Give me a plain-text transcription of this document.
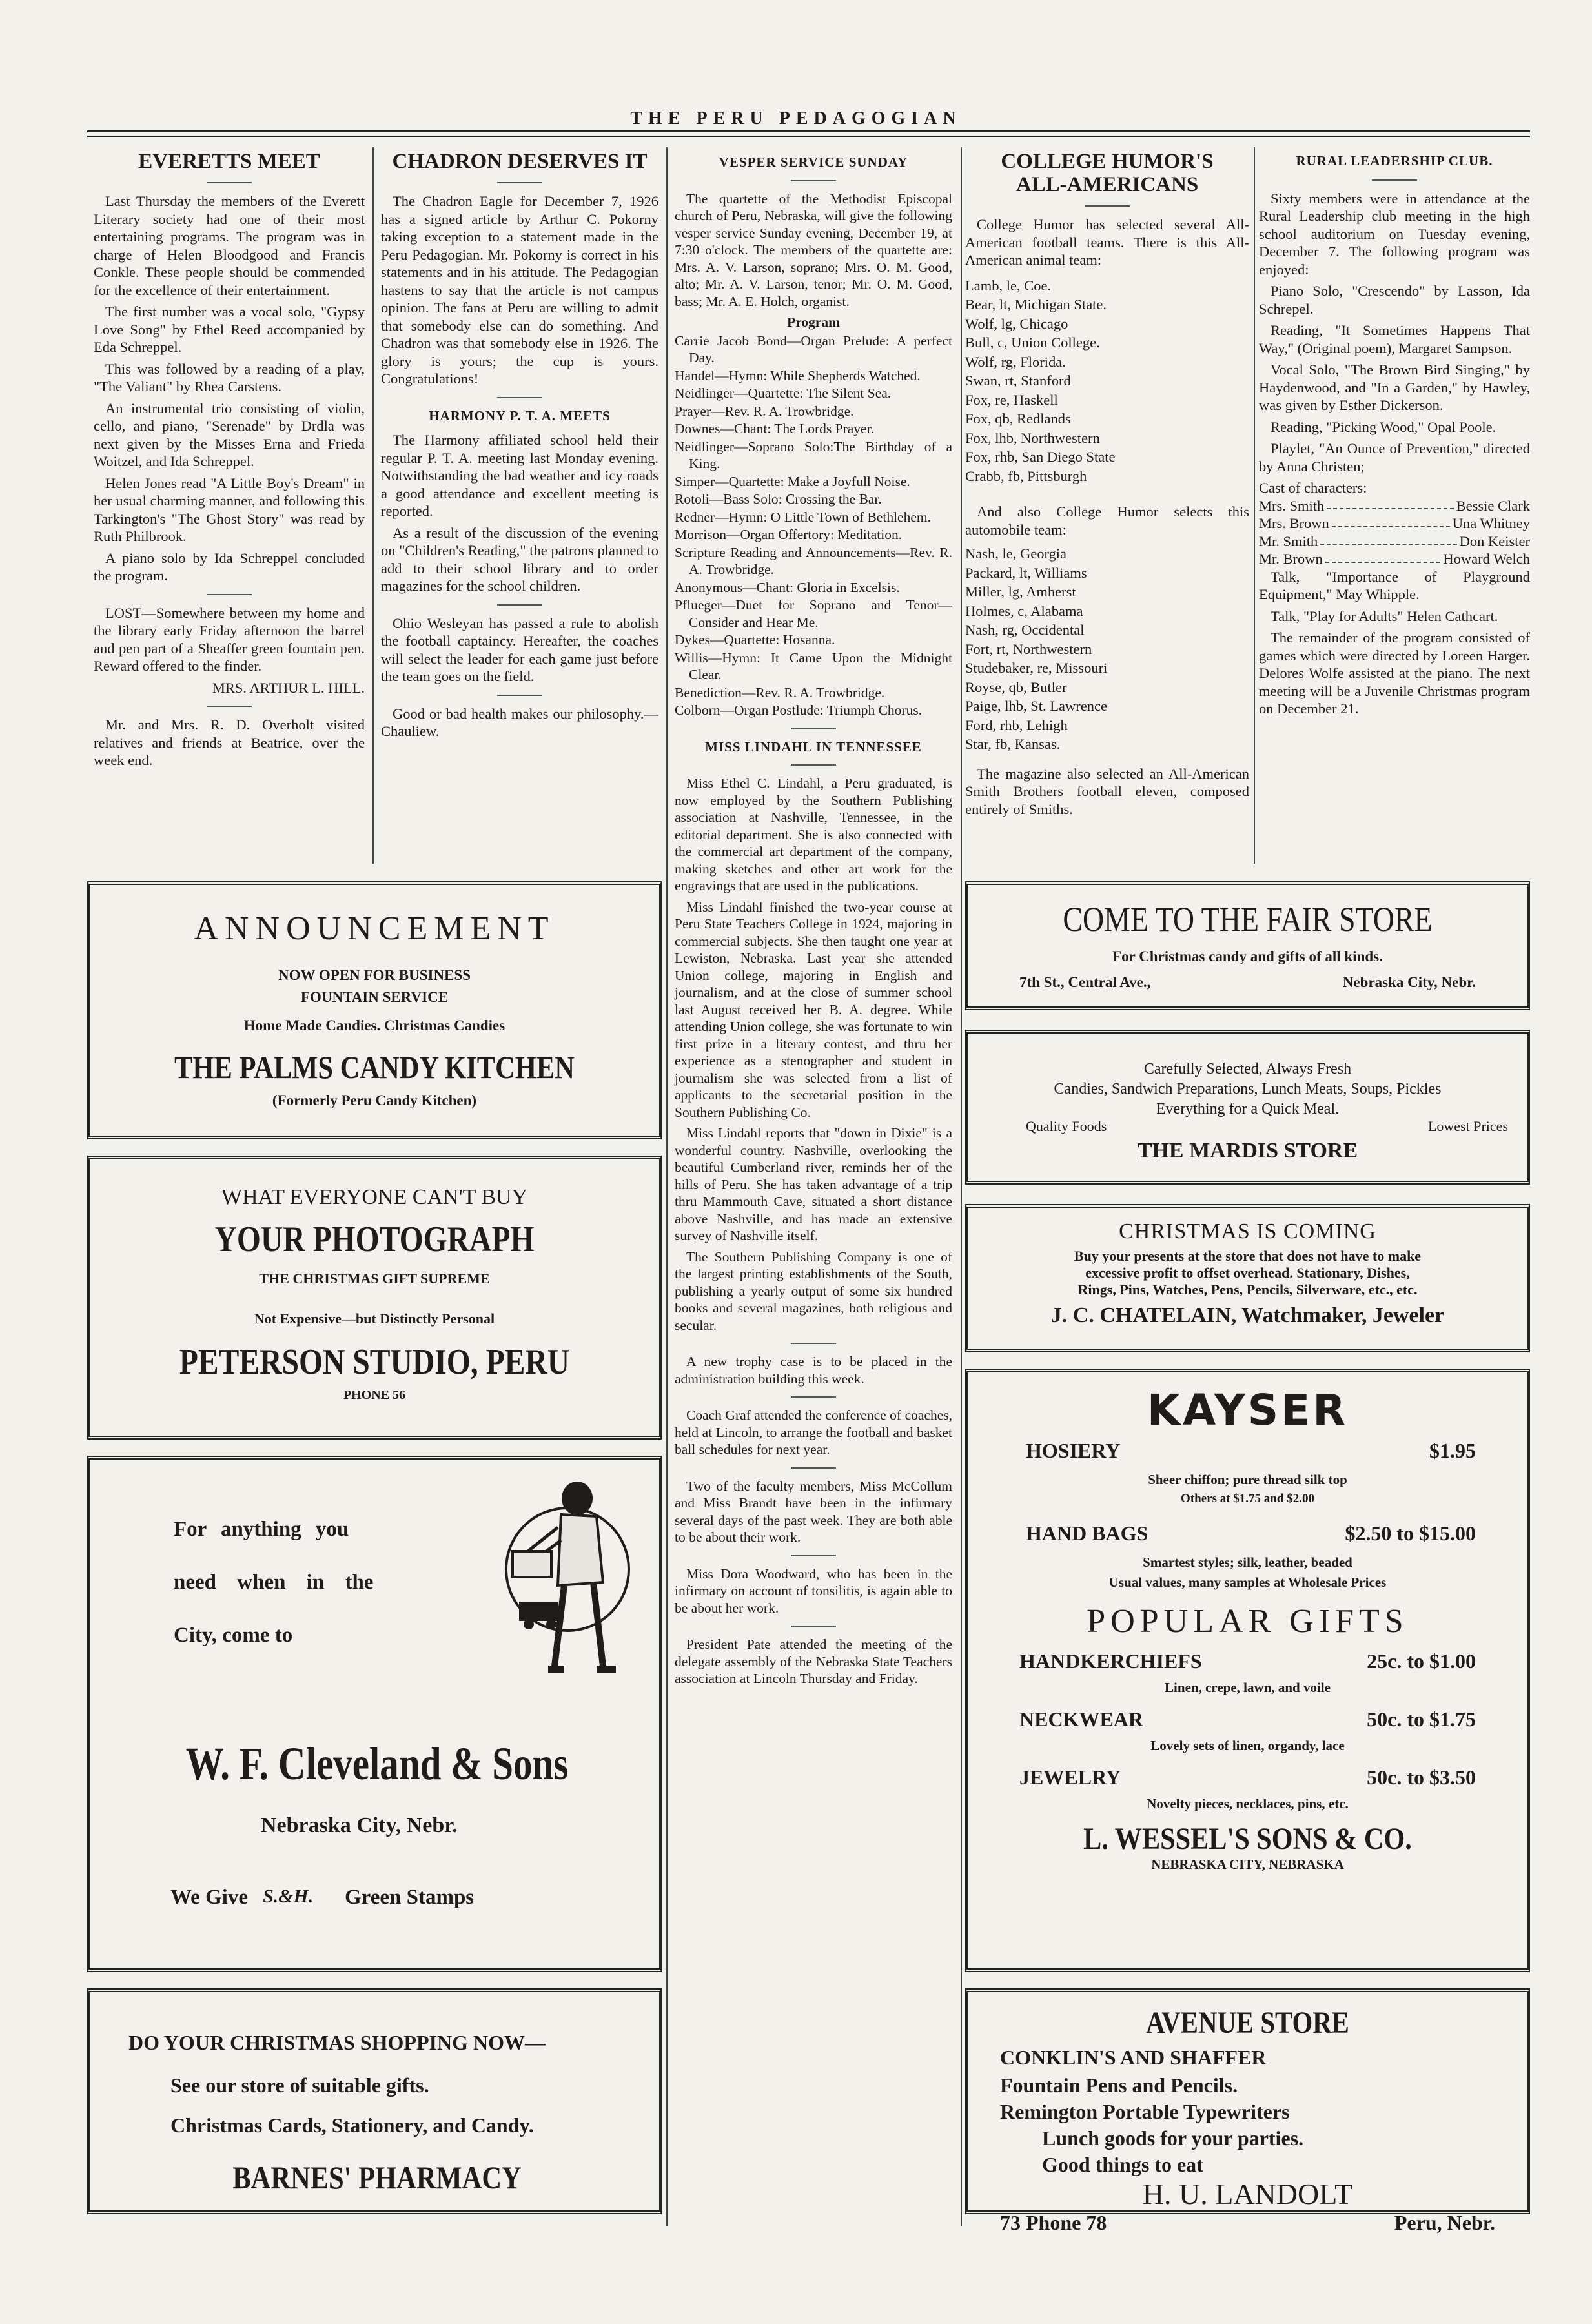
THE PERU PEDAGOGIAN
EVERETTS MEET

Last Thursday the members of the Everett Literary society had one of their most entertaining programs. The program was in charge of Helen Bloodgood and Francis Conkle. These people should be commended for the excellence of their entertainment.

The first number was a vocal solo, "Gypsy Love Song" by Ethel Reed accompanied by Eda Schreppel.

This was followed by a reading of a play, "The Valiant" by Rhea Carstens.

An instrumental trio consisting of violin, cello, and piano, "Serenade" by Drdla was next given by the Misses Erna and Frieda Woitzel, and Ida Schreppel.

Helen Jones read "A Little Boy's Dream" in her usual charming manner, and following this Tarkington's "The Ghost Story" was read by Ruth Philbrook.

A piano solo by Ida Schreppel concluded the program.

LOST—Somewhere between my home and the library early Friday afternoon the barrel and pen part of a Sheaffer green fountain pen. Reward offered to the finder.

MRS. ARTHUR L. HILL.

Mr. and Mrs. R. D. Overholt visited relatives and friends at Beatrice, over the week end.

CHADRON DESERVES IT

The Chadron Eagle for December 7, 1926 has a signed article by Arthur C. Pokorny taking exception to a statement made in the Peru Pedagogian. Mr. Pokorny is correct in his statements and in his attitude. The Pedagogian hastens to say that the article is not campus opinion. The fans at Peru are willing to admit that somebody else can do something. And Chadron was that somebody else in 1926. The glory is yours; the cup is yours. Congratulations!

HARMONY P. T. A. MEETS

The Harmony affiliated school held their regular P. T. A. meeting last Monday evening. Notwithstanding the bad weather and icy roads a good attendance and excellent meeting is reported.

As a result of the discussion of the evening on "Children's Reading," the patrons planned to add to their school library and to order magazines for the school children.

Ohio Wesleyan has passed a rule to abolish the football captaincy. Hereafter, the coaches will select the leader for each game just before the team goes on the field.

Good or bad health makes our philosophy.—Chauliew.

VESPER SERVICE SUNDAY

The quartette of the Methodist Episcopal church of Peru, Nebraska, will give the following vesper service Sunday evening, December 19, at 7:30 o'clock. The members of the quartette are: Mrs. A. V. Larson, soprano; Mrs. O. M. Good, alto; Mr. A. V. Larson, tenor; Mr. O. M. Good, bass; Mr. A. E. Holch, organist.

Program
Carrie Jacob Bond—Organ Prelude: A perfect Day.
Handel—Hymn: While Shepherds Watched.
Neidlinger—Quartette: The Silent Sea.
Prayer—Rev. R. A. Trowbridge.
Downes—Chant: The Lords Prayer.
Neidlinger—Soprano Solo:The Birthday of a King.
Simper—Quartette: Make a Joyfull Noise.
Rotoli—Bass Solo: Crossing the Bar.
Redner—Hymn: O Little Town of Bethlehem.
Morrison—Organ Offertory: Meditation.
Scripture Reading and Announcements—Rev. R. A. Trowbridge.
Anonymous—Chant: Gloria in Excelsis.
Pflueger—Duet for Soprano and Tenor—Consider and Hear Me.
Dykes—Quartette: Hosanna.
Willis—Hymn: It Came Upon the Midnight Clear.
Benediction—Rev. R. A. Trowbridge.
Colborn—Organ Postlude: Triumph Chorus.
MISS LINDAHL IN TENNESSEE

Miss Ethel C. Lindahl, a Peru graduated, is now employed by the Southern Publishing association at Nashville, Tennessee, in the editorial department. She is also connected with the commercial art department of the company, making sketches and other art work for the engravings that are used in the publications.

Miss Lindahl finished the two-year course at Peru State Teachers College in 1924, majoring in commercial subjects. She then taught one year at Lewiston, Nebraska. Last year she attended Union college, majoring in English and journalism, and at the close of summer school last August received her B. A. degree. While attending Union college, she was fortunate to win first prize in a literary contest, and thru her experience as a stenographer and student in journalism she was selected from a list of applicants to the secretarial position in the Southern Publishing Co.

Miss Lindahl reports that "down in Dixie" is a wonderful country. Nashville, overlooking the beautiful Cumberland river, reminds her of the hills of Peru. She has taken advantage of a trip thru Mammouth Cave, situated a short distance above Nashville, and has made an extensive survey of Nashville itself.

The Southern Publishing Company is one of the largest printing establishments of the South, publishing a yearly output of some six hundred books and several magazines, both religious and secular.

A new trophy case is to be placed in the administration building this week.

Coach Graf attended the conference of coaches, held at Lincoln, to arrange the football and basket ball schedules for next year.

Two of the faculty members, Miss McCollum and Miss Brandt have been in the infirmary several days of the past week. They are both able to be about their work.

Miss Dora Woodward, who has been in the infirmary on account of tonsilitis, is again able to be about her work.

President Pate attended the meeting of the delegate assembly of the Nebraska State Teachers association at Lincoln Thursday and Friday.

COLLEGE HUMOR'S
ALL-AMERICANS

College Humor has selected several All-American football teams. There is this All-American animal team:

Lamb, le, Coe.
Bear, lt, Michigan State.
Wolf, lg, Chicago
Bull, c, Union College.
Wolf, rg, Florida.
Swan, rt, Stanford
Fox, re, Haskell
Fox, qb, Redlands
Fox, lhb, Northwestern
Fox, rhb, San Diego State
Crabb, fb, Pittsburgh

And also College Humor selects this automobile team:

Nash, le, Georgia
Packard, lt, Williams
Miller, lg, Amherst
Holmes, c, Alabama
Nash, rg, Occidental
Fort, rt, Northwestern
Studebaker, re, Missouri
Royse, qb, Butler
Paige, lhb, St. Lawrence
Ford, rhb, Lehigh
Star, fb, Kansas.

The magazine also selected an All-American Smith Brothers football eleven, composed entirely of Smiths.

RURAL LEADERSHIP CLUB.

Sixty members were in attendance at the Rural Leadership club meeting in the high school auditorium on Tuesday evening, December 7. The following program was enjoyed:

Piano Solo, "Crescendo" by Lasson, Ida Schrepel.

Reading, "It Sometimes Happens That Way," (Original poem), Margaret Sampson.

Vocal Solo, "The Brown Bird Singing," by Haydenwood, and "In a Garden," by Hawley, was given by Esther Dickerson.

Reading, "Picking Wood," Opal Poole.

Playlet, "An Ounce of Prevention," directed by Anna Christen;

Cast of characters:
Mrs. Smith	Bessie Clark
Mrs. Brown	Una Whitney
Mr. Smith	Don Keister
Mr. Brown	Howard Welch

Talk, "Importance of Playground Equipment," May Whipple.

Talk, "Play for Adults" Helen Cathcart.

The remainder of the program consisted of games which were directed by Loreen Harger. Delores Wolfe assisted at the piano. The next meeting will be a Juvenile Christmas program on December 21.

ANNOUNCEMENT
NOW OPEN FOR BUSINESS
FOUNTAIN SERVICE
Home Made Candies. Christmas Candies
THE PALMS CANDY KITCHEN
(Formerly Peru Candy Kitchen)
WHAT EVERYONE CAN'T BUY
YOUR PHOTOGRAPH
THE CHRISTMAS GIFT SUPREME
Not Expensive—but Distinctly Personal
PETERSON STUDIO, PERU
PHONE 56
For anything you
need when in the
City, come to
W. F. Cleveland & Sons
Nebraska City, Nebr.
We Give S.&H. Green Stamps
DO YOUR CHRISTMAS SHOPPING NOW—
See our store of suitable gifts.
Christmas Cards, Stationery, and Candy.
BARNES' PHARMACY
COME TO THE FAIR STORE
For Christmas candy and gifts of all kinds.
7th St., Central Ave.,	Nebraska City, Nebr.
Carefully Selected, Always Fresh
Candies, Sandwich Preparations, Lunch Meats, Soups, Pickles
Everything for a Quick Meal.
Quality Foods	Lowest Prices
THE MARDIS STORE
CHRISTMAS IS COMING
Buy your presents at the store that does not have to make
excessive profit to offset overhead. Stationary, Dishes,
Rings, Pins, Watches, Pens, Pencils, Silverware, etc., etc.
J. C. CHATELAIN, Watchmaker, Jeweler
KAYSER
HOSIERY	$1.95
Sheer chiffon; pure thread silk top
Others at $1.75 and $2.00
HAND BAGS	$2.50 to $15.00
Smartest styles; silk, leather, beaded
Usual values, many samples at Wholesale Prices
POPULAR GIFTS
HANDKERCHIEFS	25c. to $1.00
Linen, crepe, lawn, and voile
NECKWEAR	50c. to $1.75
Lovely sets of linen, organdy, lace
JEWELRY	50c. to $3.50
Novelty pieces, necklaces, pins, etc.
L. WESSEL'S SONS & CO.
NEBRASKA CITY, NEBRASKA
AVENUE STORE
CONKLIN'S AND SHAFFER
Fountain Pens and Pencils.
Remington Portable Typewriters
Lunch goods for your parties.
Good things to eat
H. U. LANDOLT
73 Phone 78	Peru, Nebr.
